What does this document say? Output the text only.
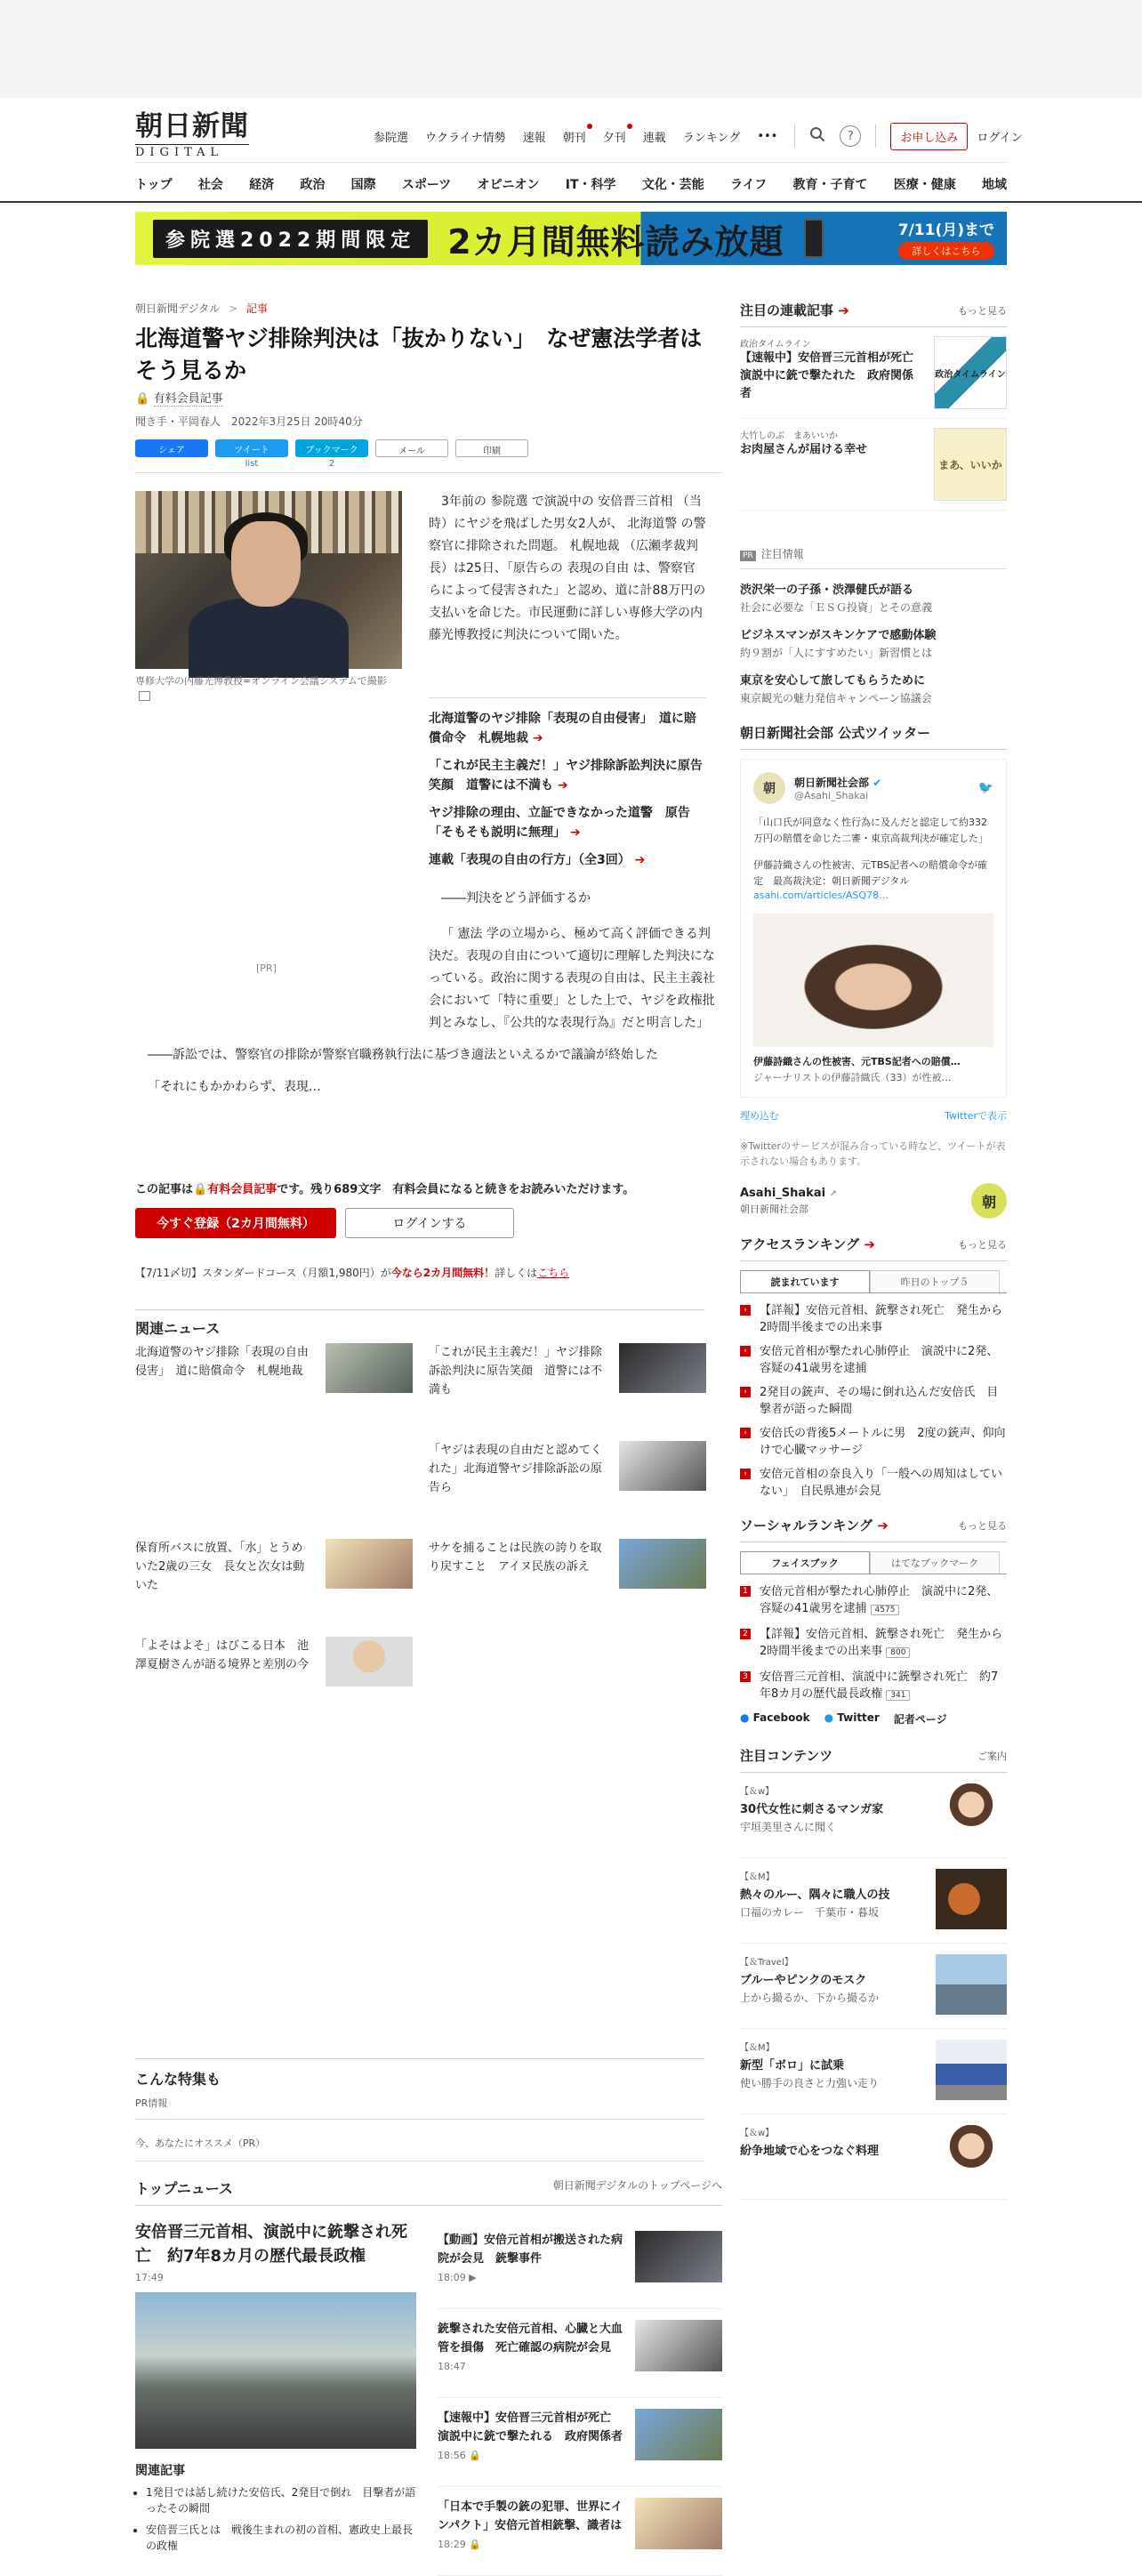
朝日新聞
DIGITAL
参院選 ウクライナ情勢 速報 朝刊 夕刊 連載 ランキング •••	?	お申し込み	ログイン
トップ 社会 経済 政治 国際 スポーツ オピニオン IT・科学 文化・芸能 ライフ 教育・子育て 医療・健康 地域
参院選2022期間限定 2カ月間無料読み放題	7/11(月)まで
詳しくはこちら
朝日新聞デジタル > 記事
北海道警ヤジ排除判決は「抜かりない」　なぜ憲法学者はそう見るか
🔒 有料会員記事
聞き手・平岡春人　2022年3月25日 20時40分
シェア	ツイート	ブックマーク	メール	印刷
list	2
専修大学の内藤光博教授=オンライン会議システムで撮影
[PR]

3年前の 参院選 で演説中の 安倍晋三首相 （当時）にヤジを飛ばした男女2人が、 北海道警 の警察官に排除された問題。 札幌地裁 （広瀬孝裁判長）は25日、「原告らの 表現の自由 は、警察官らによって侵害された」と認め、道に計88万円の支払いを命じた。市民運動に詳しい専修大学の内藤光博教授に判決について聞いた。

北海道警のヤジ排除「表現の自由侵害」　道に賠償命令　札幌地裁 ➔
「これが民主主義だ！」ヤジ排除訴訟判決に原告笑顔　道警には不満も ➔
ヤジ排除の理由、立証できなかった道警　原告「そもそも説明に無理」 ➔
連載「表現の自由の行方」（全3回） ➔
――判決をどう評価するか

「 憲法 学の立場から、極めて高く評価できる判決だ。表現の自由について適切に理解した判決になっている。政治に関する表現の自由は、民主主義社会において「特に重要」とした上で、ヤジを政権批判とみなし、『公共的な表現行為』だと明言した」

――訴訟では、警察官の排除が警察官職務執行法に基づき適法といえるかで議論が終始した

「それにもかかわらず、表現…

この記事は🔒有料会員記事です。残り689文字　有料会員になると続きをお読みいただけます。
今すぐ登録（2カ月間無料）	ログインする
【7/11〆切】スタンダードコース（月額1,980円）が今なら2カ月間無料！詳しくはこちら
関連ニュース
北海道警のヤジ排除「表現の自由侵害」　道に賠償命令　札幌地裁
「これが民主主義だ！」ヤジ排除訴訟判決に原告笑顔　道警には不満も
「ヤジは表現の自由だと認めてくれた」北海道警ヤジ排除訴訟の原告ら
保育所バスに放置、「水」とうめいた2歳の三女　長女と次女は動いた
サケを捕ることは民族の誇りを取り戻すこと　アイヌ民族の訴え
「よそはよそ」はびこる日本　池澤夏樹さんが語る境界と差別の今
こんな特集も
PR情報
今、あなたにオススメ（PR）
トップニュース	朝日新聞デジタルのトップページへ
安倍晋三元首相、演説中に銃撃され死亡　約7年8カ月の歴代最長政権
17:49
関連記事
• 1発目では話し続けた安倍氏、2発目で倒れ　目撃者が語ったその瞬間
• 安倍晋三氏とは　戦後生まれの初の首相、憲政史上最長の政権
【動画】安倍元首相が搬送された病院が会見　銃撃事件
18:09 ▶
銃撃された安倍元首相、心臓と大血管を損傷　死亡確認の病院が会見
18:47
【速報中】安倍晋三元首相が死亡　演説中に銃で撃たれる　政府関係者
18:56 🔒
「日本で手製の銃の犯罪、世界にインパクト」安倍元首相銃撃、識者は
18:29 🔒
注目の連載記事 ➔	もっと見る
政治タイムライン
【速報中】安倍晋三元首相が死亡　演説中に銃で撃たれた　政府関係者
政治タイムライン
大竹しのぶ　まあいいか
お肉屋さんが届ける幸せ
まあ、いいか
PR 注目情報
渋沢栄一の子孫・渋澤健氏が語る
社会に必要な「ＥＳＧ投資」とその意義
ビジネスマンがスキンケアで感動体験
約９割が「人にすすめたい」新習慣とは
東京を安心して旅してもらうために
東京観光の魅力発信キャンペーン協議会
朝日新聞社会部 公式ツイッター
朝	朝日新聞社会部 ✔
@Asahi_Shakai
🐦
「山口氏が同意なく性行為に及んだと認定して約332万円の賠償を命じた二審・東京高裁判決が確定した」
伊藤詩織さんの性被害、元TBS記者への賠償命令が確定　最高裁決定：朝日新聞デジタル
asahi.com/articles/ASQ78…
伊藤詩織さんの性被害、元TBS記者への賠償…
ジャーナリストの伊藤詩織氏（33）が性被…
埋め込む	Twitterで表示
※Twitterのサービスが混み合っている時など、ツイートが表示されない場合もあります。
Asahi_Shakai ↗
朝日新聞社会部	朝
アクセスランキング ➔	もっと見る
読まれています	昨日のトップ５
›	【詳報】安倍元首相、銃撃され死亡　発生から2時間半後までの出来事
›	安倍元首相が撃たれ心肺停止　演説中に2発、容疑の41歳男を逮捕
›	2発目の銃声、その場に倒れ込んだ安倍氏　目撃者が語った瞬間
›	安倍氏の背後5メートルに男　2度の銃声、仰向けで心臓マッサージ
›	安倍元首相の奈良入り「一般への周知はしていない」　自民県連が会見
ソーシャルランキング ➔	もっと見る
フェイスブック	はてなブックマーク
1 安倍元首相が撃たれ心肺停止　演説中に2発、容疑の41歳男を逮捕 4575
2 【詳報】安倍元首相、銃撃され死亡　発生から2時間半後までの出来事 800
3 安倍晋三元首相、演説中に銃撃され死亡　約7年8カ月の歴代最長政権 341
● Facebook ● Twitter 記者ページ
注目コンテンツ	ご案内
【＆w】
30代女性に刺さるマンガ家
宇垣美里さんに聞く
【＆M】
熱々のルー、隅々に職人の技
口福のカレー　千葉市・暮坂
【＆Travel】
ブルーやピンクのモスク
上から撮るか、下から撮るか
【＆M】
新型「ボロ」に試乗
使い勝手の良さと力強い走り
【＆w】
紛争地域で心をつなぐ料理
